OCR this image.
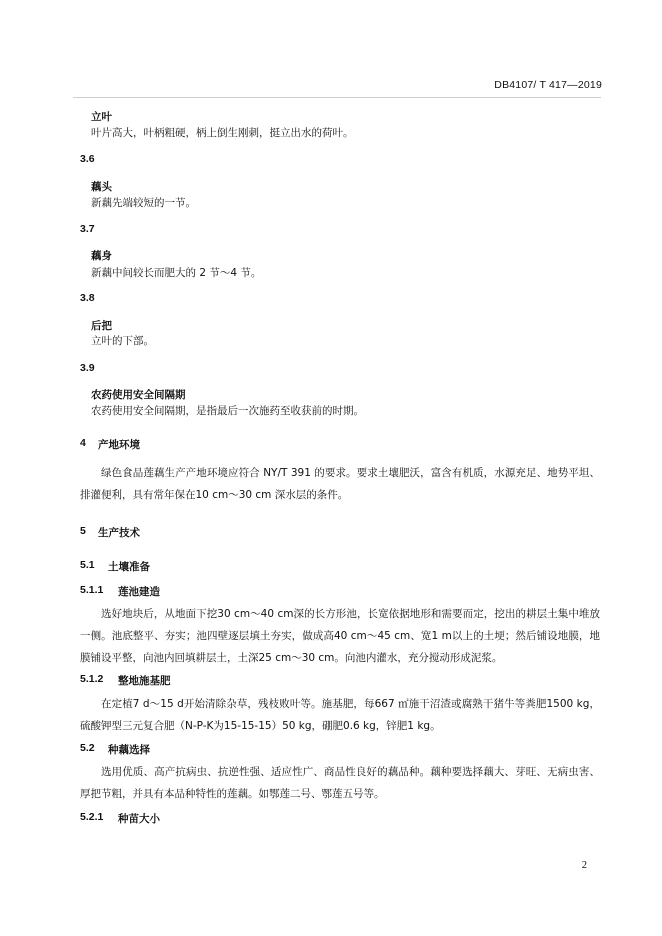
DB4107/ T 417—2019
立叶
叶片高大，叶柄粗硬，柄上倒生刚刺，挺立出水的荷叶。
3.6
藕头
新藕先端较短的一节。
3.7
藕身
新藕中间较长而肥大的 2 节～4 节。
3.8
后把
立叶的下部。
3.9
农药使用安全间隔期
农药使用安全间隔期，是指最后一次施药至收获前的时期。
4 产地环境
绿色食品莲藕生产产地环境应符合 NY/T 391 的要求。要求土壤肥沃，富含有机质，水源充足、地势平坦、排灌便利，具有常年保在10 cm～30 cm 深水层的条件。
5 生产技术
5.1 土壤准备
5.1.1 莲池建造
选好地块后，从地面下挖30 cm～40 cm深的长方形池，长宽依据地形和需要而定，挖出的耕层土集中堆放一侧。池底整平、夯实；池四壁逐层填土夯实，做成高40 cm～45 cm、宽1 m以上的土埂；然后铺设地膜，地膜铺设平整，向池内回填耕层土，土深25 cm～30 cm。向池内灌水，充分搅动形成泥浆。
5.1.2 整地施基肥
在定植7 d～15 d开始清除杂草，残枝败叶等。施基肥，每667 ㎡施干沼渣或腐熟干猪牛等粪肥1500 kg，硫酸钾型三元复合肥（N-P-K为15-15-15）50 kg，硼肥0.6 kg，锌肥1 kg。
5.2 种藕选择
选用优质、高产抗病虫、抗逆性强、适应性广、商品性良好的藕品种。藕种要选择藕大、芽旺、无病虫害、厚把节粗，并具有本品种特性的莲藕。如鄂莲二号、鄂莲五号等。
5.2.1 种苗大小
2
